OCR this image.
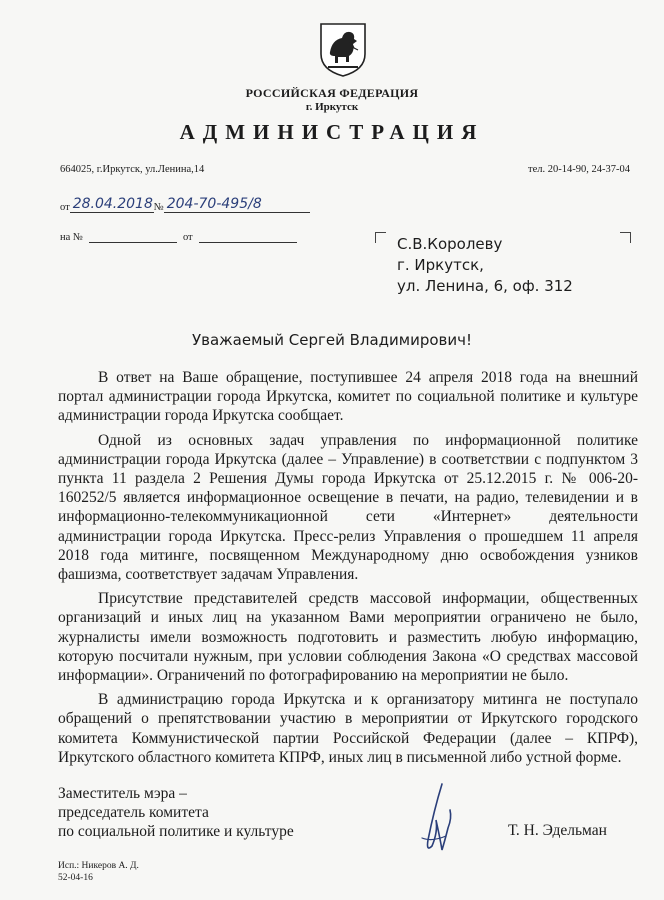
РОССИЙСКАЯ ФЕДЕРАЦИЯ
г. Иркутск
АДМИНИСТРАЦИЯ
664025, г.Иркутск, ул.Ленина,14	тел. 20-14-90, 24-37-04
от 28.04.2018 № 204-70-495/8
на №	от	С.В.Королеву
г. Иркутск,
ул. Ленина, 6, оф. 312
Уважаемый Сергей Владимирович!

В ответ на Ваше обращение, поступившее 24 апреля 2018 года на внешний портал администрации города Иркутска, комитет по социальной политике и культуре администрации города Иркутска сообщает.

Одной из основных задач управления по информационной политике администрации города Иркутска (далее – Управление) в соответствии с подпунктом 3 пункта 11 раздела 2 Решения Думы города Иркутска от 25.12.2015 г. № 006-20-160252/5 является информационное освещение в печати, на радио, телевидении и в информационно-телекоммуникационной сети «Интернет» деятельности администрации города Иркутска. Пресс-релиз Управления о прошедшем 11 апреля 2018 года митинге, посвященном Международному дню освобождения узников фашизма, соответствует задачам Управления.

Присутствие представителей средств массовой информации, общественных организаций и иных лиц на указанном Вами мероприятии ограничено не было, журналисты имели возможность подготовить и разместить любую информацию, которую посчитали нужным, при условии соблюдения Закона «О средствах массовой информации». Ограничений по фотографированию на мероприятии не было.

В администрацию города Иркутска и к организатору митинга не поступало обращений о препятствовании участию в мероприятии от Иркутского городского комитета Коммунистической партии Российской Федерации (далее – КПРФ), Иркутского областного комитета КПРФ, иных лиц в письменной либо устной форме.

Заместитель мэра –
председатель комитета
по социальной политике и культуре	Т. Н. Эдельман
Исп.: Никеров А. Д.
52-04-16
